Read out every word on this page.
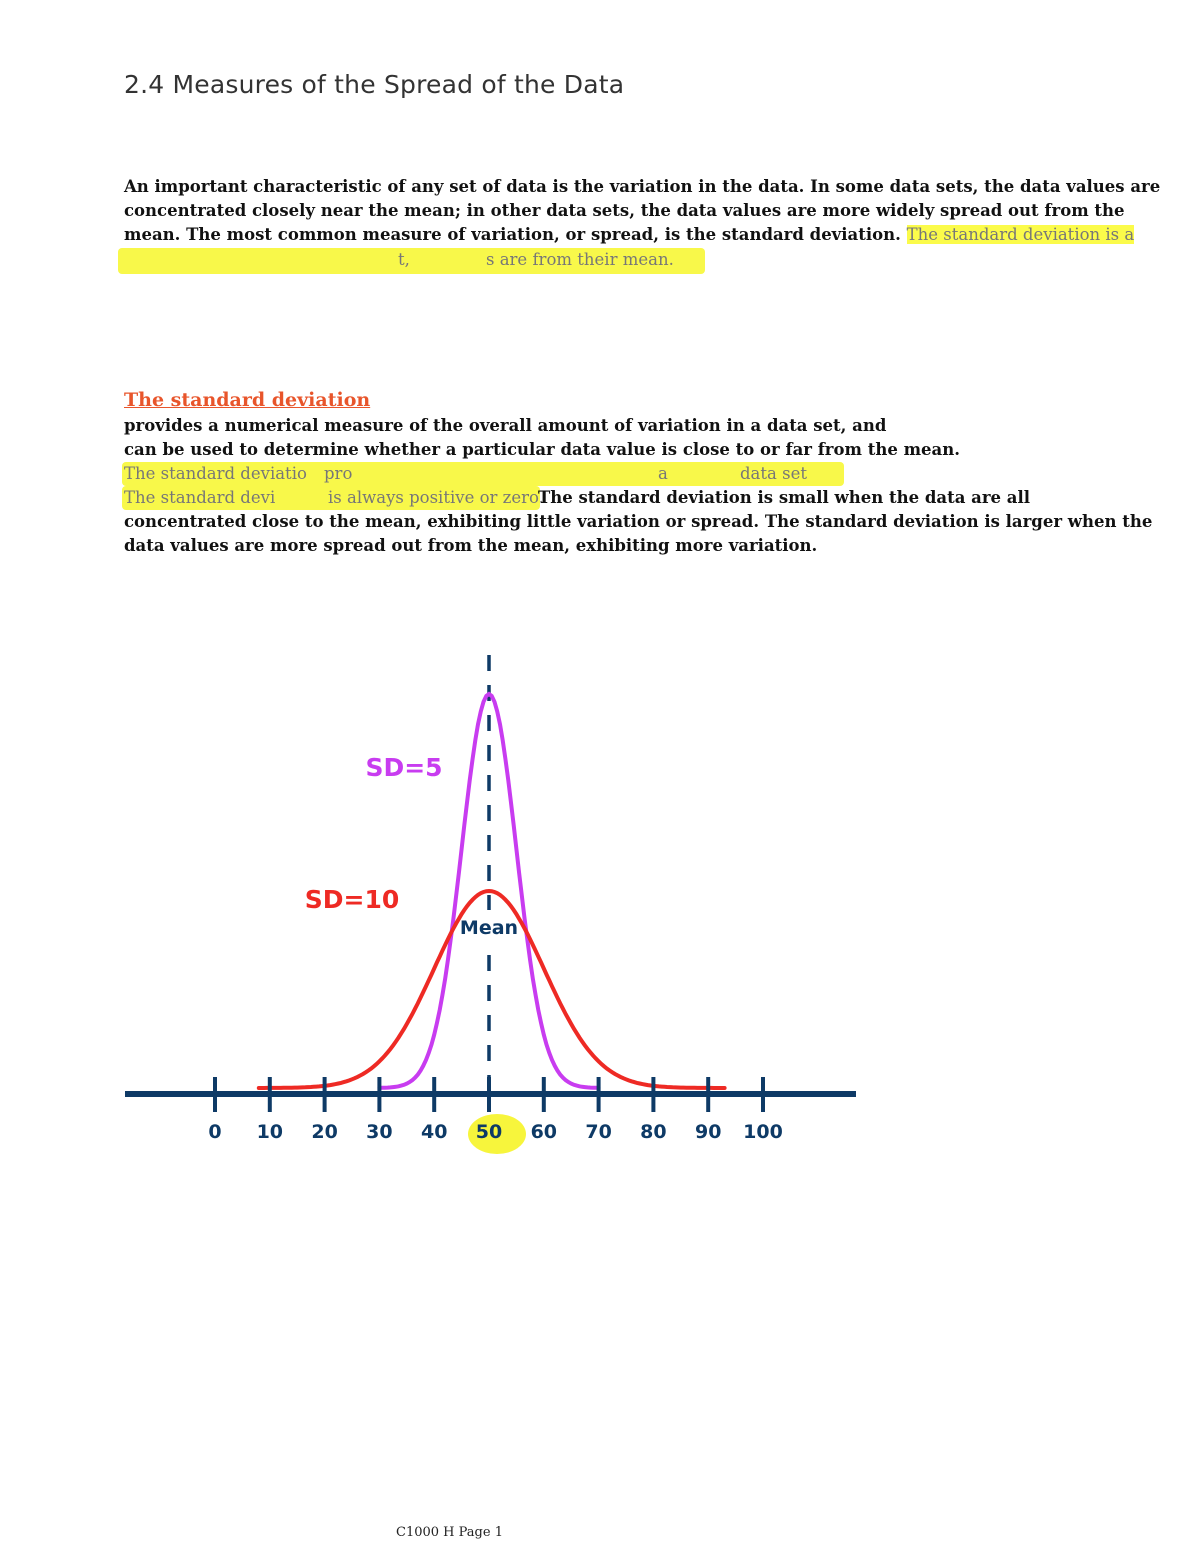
2.4 Measures of the Spread of the Data
An important characteristic of any set of data is the variation in the data. In some data sets, the data values are
concentrated closely near the mean; in other data sets, the data values are more widely spread out from the
mean. The most common measure of variation, or spread, is the standard deviation. The standard deviation is a
t,	s are from their mean.
The standard deviation
provides a numerical measure of the overall amount of variation in a data set, and
can be used to determine whether a particular data value is close to or far from the mean.
The standard deviatio pro	a	data set
The standard devi	is always positive or zero.
The standard deviation is small when the data are all
concentrated close to the mean, exhibiting little variation or spread. The standard deviation is larger when the
data values are more spread out from the mean, exhibiting more variation.
Mean
0 10 20 30 40 50 60 70 80 90 100
SD=5
SD=10
C1000 H Page 1
